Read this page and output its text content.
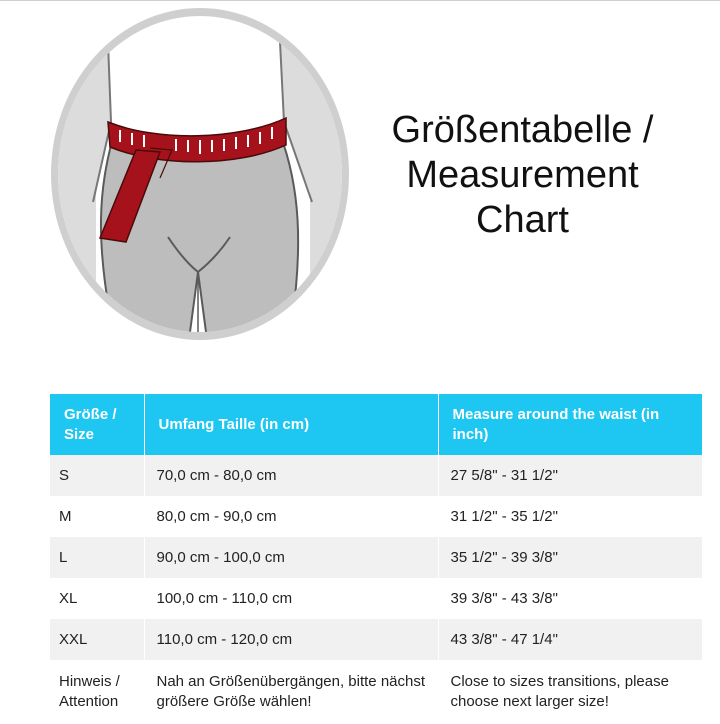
Größentabelle /
Measurement
Chart
Größe / Size	Umfang Taille (in cm)	Measure around the waist (in inch)
S	70,0 cm - 80,0 cm	27 5/8" - 31 1/2"
M	80,0 cm - 90,0 cm	31 1/2" - 35 1/2"
L	90,0 cm - 100,0 cm	35 1/2" - 39 3/8"
XL	100,0 cm - 110,0 cm	39 3/8" - 43 3/8"
XXL	110,0 cm - 120,0 cm	43 3/8" - 47 1/4"
Hinweis / Attention	Nah an Größenübergängen, bitte nächst größere Größe wählen!	Close to sizes transitions, please choose next larger size!
